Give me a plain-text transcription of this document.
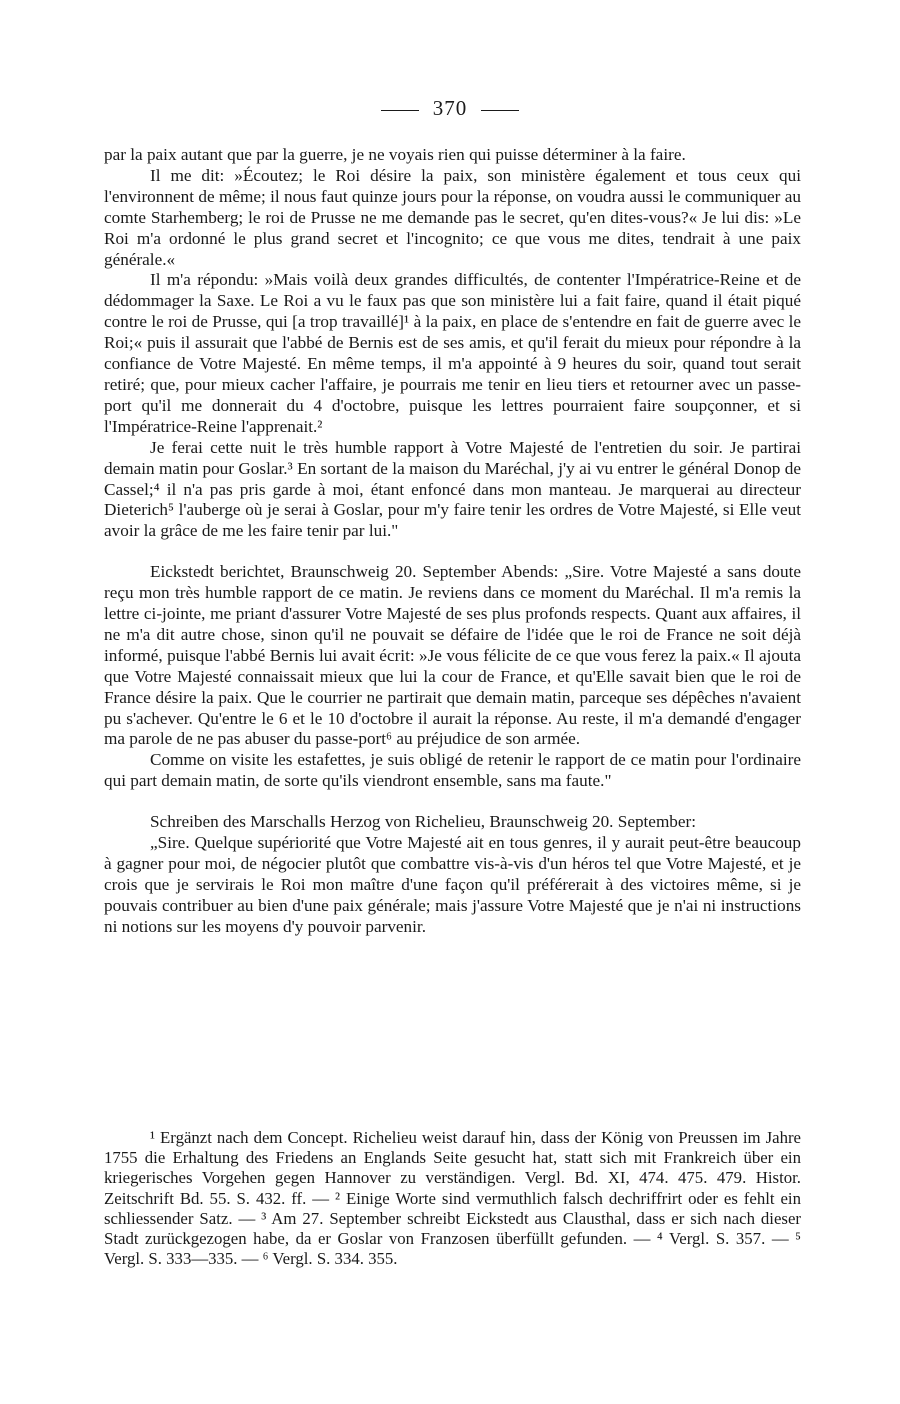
370

par la paix autant que par la guerre, je ne voyais rien qui puisse déterminer à la faire.

Il me dit: »Écoutez; le Roi désire la paix, son ministère également et tous ceux qui l'environnent de même; il nous faut quinze jours pour la réponse, on voudra aussi le communiquer au comte Starhemberg; le roi de Prusse ne me demande pas le secret, qu'en dites-vous?« Je lui dis: »Le Roi m'a ordonné le plus grand secret et l'incognito; ce que vous me dites, tendrait à une paix générale.«

Il m'a répondu: »Mais voilà deux grandes difficultés, de contenter l'Impératrice-Reine et de dédommager la Saxe. Le Roi a vu le faux pas que son ministère lui a fait faire, quand il était piqué contre le roi de Prusse, qui [a trop travaillé]¹ à la paix, en place de s'entendre en fait de guerre avec le Roi;« puis il assurait que l'abbé de Bernis est de ses amis, et qu'il ferait du mieux pour répondre à la confiance de Votre Majesté. En même temps, il m'a appointé à 9 heures du soir, quand tout serait retiré; que, pour mieux cacher l'affaire, je pourrais me tenir en lieu tiers et retourner avec un passe-port qu'il me donnerait du 4 d'octobre, puisque les lettres pourraient faire soupçonner, et si l'Impératrice-Reine l'apprenait.²

Je ferai cette nuit le très humble rapport à Votre Majesté de l'entretien du soir. Je partirai demain matin pour Goslar.³ En sortant de la maison du Maréchal, j'y ai vu entrer le général Donop de Cassel;⁴ il n'a pas pris garde à moi, étant enfoncé dans mon manteau. Je marquerai au directeur Dieterich⁵ l'auberge où je serai à Goslar, pour m'y faire tenir les ordres de Votre Majesté, si Elle veut avoir la grâce de me les faire tenir par lui."

Eickstedt berichtet, Braunschweig 20. September Abends: „Sire. Votre Majesté a sans doute reçu mon très humble rapport de ce matin. Je reviens dans ce moment du Maréchal. Il m'a remis la lettre ci-jointe, me priant d'assurer Votre Majesté de ses plus profonds respects. Quant aux affaires, il ne m'a dit autre chose, sinon qu'il ne pouvait se défaire de l'idée que le roi de France ne soit déjà informé, puisque l'abbé Bernis lui avait écrit: »Je vous félicite de ce que vous ferez la paix.« Il ajouta que Votre Majesté connaissait mieux que lui la cour de France, et qu'Elle savait bien que le roi de France désire la paix. Que le courrier ne partirait que demain matin, parceque ses dépêches n'avaient pu s'achever. Qu'entre le 6 et le 10 d'octobre il aurait la réponse. Au reste, il m'a demandé d'engager ma parole de ne pas abuser du passe-port⁶ au préjudice de son armée.

Comme on visite les estafettes, je suis obligé de retenir le rapport de ce matin pour l'ordinaire qui part demain matin, de sorte qu'ils viendront ensemble, sans ma faute."

Schreiben des Marschalls Herzog von Richelieu, Braunschweig 20. September:

„Sire. Quelque supériorité que Votre Majesté ait en tous genres, il y aurait peut-être beaucoup à gagner pour moi, de négocier plutôt que combattre vis-à-vis d'un héros tel que Votre Majesté, et je crois que je servirais le Roi mon maître d'une façon qu'il préférerait à des victoires même, si je pouvais contribuer au bien d'une paix générale; mais j'assure Votre Majesté que je n'ai ni instructions ni notions sur les moyens d'y pouvoir parvenir.

¹ Ergänzt nach dem Concept. Richelieu weist darauf hin, dass der König von Preussen im Jahre 1755 die Erhaltung des Friedens an Englands Seite gesucht hat, statt sich mit Frankreich über ein kriegerisches Vorgehen gegen Hannover zu verständigen. Vergl. Bd. XI, 474. 475. 479. Histor. Zeitschrift Bd. 55. S. 432. ff. — ² Einige Worte sind vermuthlich falsch dechriffrirt oder es fehlt ein schliessender Satz. — ³ Am 27. September schreibt Eickstedt aus Clausthal, dass er sich nach dieser Stadt zurückgezogen habe, da er Goslar von Franzosen überfüllt gefunden. — ⁴ Vergl. S. 357. — ⁵ Vergl. S. 333—335. — ⁶ Vergl. S. 334. 355.
